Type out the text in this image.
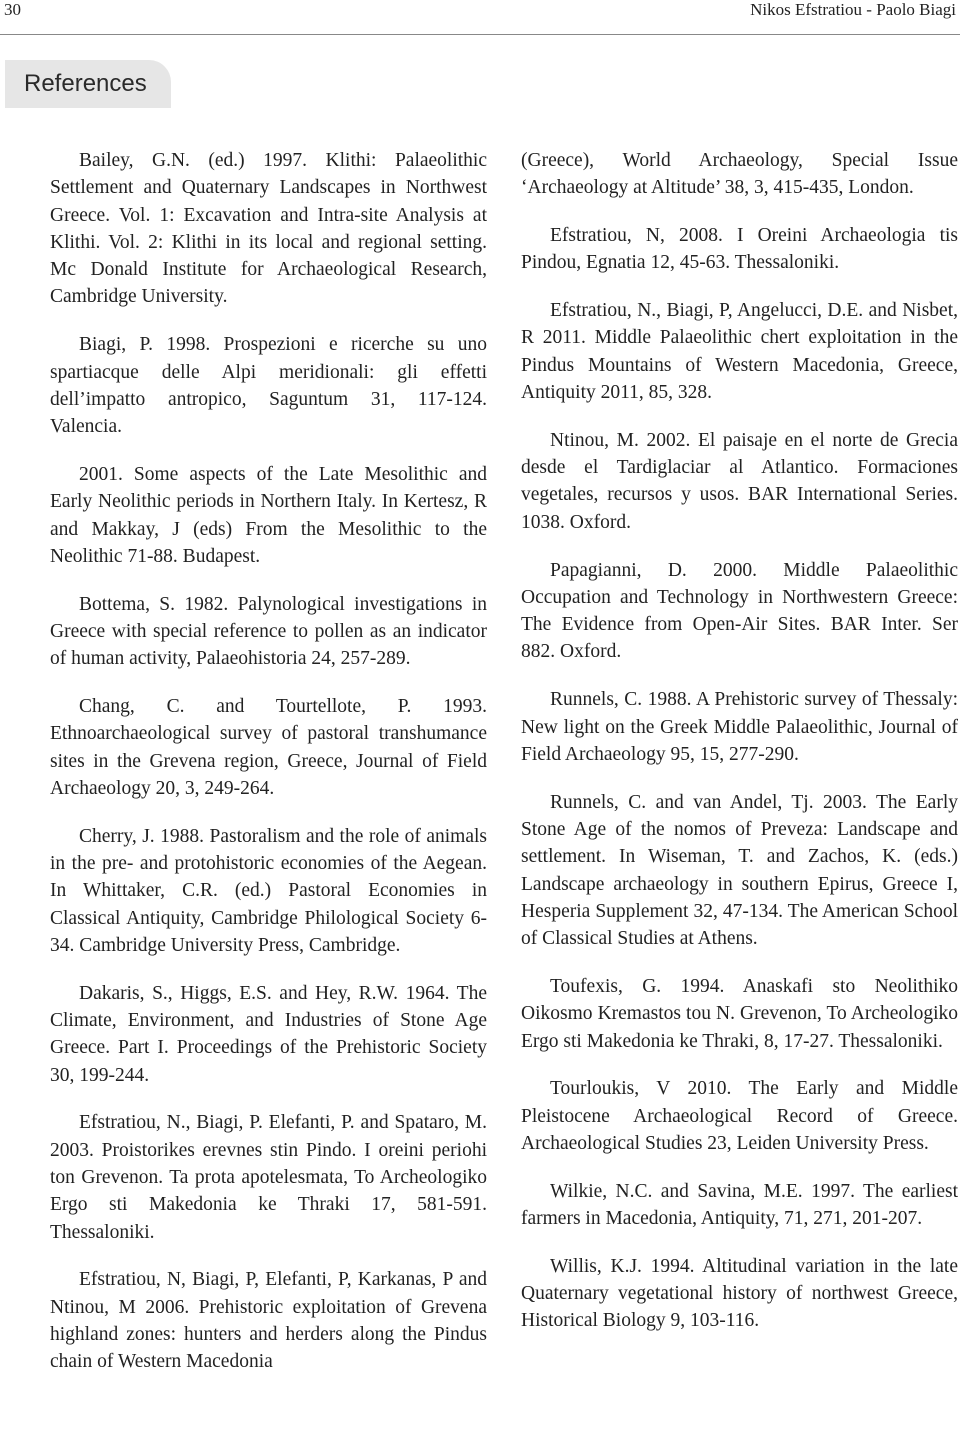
30	Nikos Efstratiou - Paolo Biagi
References

Bailey, G.N. (ed.) 1997. Klithi: Palaeolithic Settlement and Quaternary Landscapes in Northwest Greece. Vol. 1: Excavation and Intra-site Analysis at Klithi. Vol. 2: Klithi in its local and regional setting. Mc Donald Institute for Archaeological Research, Cambridge University.

Biagi, P. 1998. Prospezioni e ricerche su uno spartiacque delle Alpi meridionali: gli effetti dell’impatto antropico, Saguntum 31, 117-124. Valencia.

2001. Some aspects of the Late Mesolithic and Early Neolithic periods in Northern Italy. In Kertesz, R and Makkay, J (eds) From the Mesolithic to the Neolithic 71-88. Budapest.

Bottema, S. 1982. Palynological investigations in Greece with special reference to pollen as an indicator of human activity, Palaeohistoria 24, 257-289.

Chang, C. and Tourtellote, P. 1993. Ethnoarchaeological survey of pastoral transhumance sites in the Grevena region, Greece, Journal of Field Archaeology 20, 3, 249-264.

Cherry, J. 1988. Pastoralism and the role of animals in the pre- and protohistoric economies of the Aegean. In Whittaker, C.R. (ed.) Pastoral Economies in Classical Antiquity, Cambridge Philological Society 6-34. Cambridge University Press, Cambridge.

Dakaris, S., Higgs, E.S. and Hey, R.W. 1964. The Climate, Environment, and Industries of Stone Age Greece. Part I. Proceedings of the Prehistoric Society 30, 199-244.

Efstratiou, N., Biagi, P. Elefanti, P. and Spataro, M. 2003. Proistorikes erevnes stin Pindo. I oreini periohi ton Grevenon. Ta prota apotelesmata, To Archeologiko Ergo sti Makedonia ke Thraki 17, 581-591. Thessaloniki.

Efstratiou, N, Biagi, P, Elefanti, P, Karkanas, P and Ntinou, M 2006. Prehistoric exploitation of Grevena highland zones: hunters and herders along the Pindus chain of Western Macedonia

(Greece), World Archaeology, Special Issue ‘Archaeology at Altitude’ 38, 3, 415-435, London.

Efstratiou, N, 2008. I Oreini Archaeologia tis Pindou, Egnatia 12, 45-63. Thessaloniki.

Efstratiou, N., Biagi, P, Angelucci, D.E. and Nisbet, R 2011. Middle Palaeolithic chert exploitation in the Pindus Mountains of Western Macedonia, Greece, Antiquity 2011, 85, 328.

Ntinou, M. 2002. El paisaje en el norte de Grecia desde el Tardiglaciar al Atlantico. Formaciones vegetales, recursos y usos. BAR International Series. 1038. Oxford.

Papagianni, D. 2000. Middle Palaeolithic Occupation and Technology in Northwestern Greece: The Evidence from Open-Air Sites. BAR Inter. Ser 882. Oxford.

Runnels, C. 1988. A Prehistoric survey of Thessaly: New light on the Greek Middle Palaeolithic, Journal of Field Archaeology 95, 15, 277-290.

Runnels, C. and van Andel, Tj. 2003. The Early Stone Age of the nomos of Preveza: Landscape and settlement. In Wiseman, T. and Zachos, K. (eds.) Landscape archaeology in southern Epirus, Greece I, Hesperia Supplement 32, 47-134. The American School of Classical Studies at Athens.

Toufexis, G. 1994. Anaskafi sto Neolithiko Oikosmo Kremastos tou N. Grevenon, To Archeologiko Ergo sti Makedonia ke Thraki, 8, 17-27. Thessaloniki.

Tourloukis, V 2010. The Early and Middle Pleistocene Archaeological Record of Greece. Archaeological Studies 23, Leiden University Press.

Wilkie, N.C. and Savina, M.E. 1997. The earliest farmers in Macedonia, Antiquity, 71, 271, 201-207.

Willis, K.J. 1994. Altitudinal variation in the late Quaternary vegetational history of northwest Greece, Historical Biology 9, 103-116.
